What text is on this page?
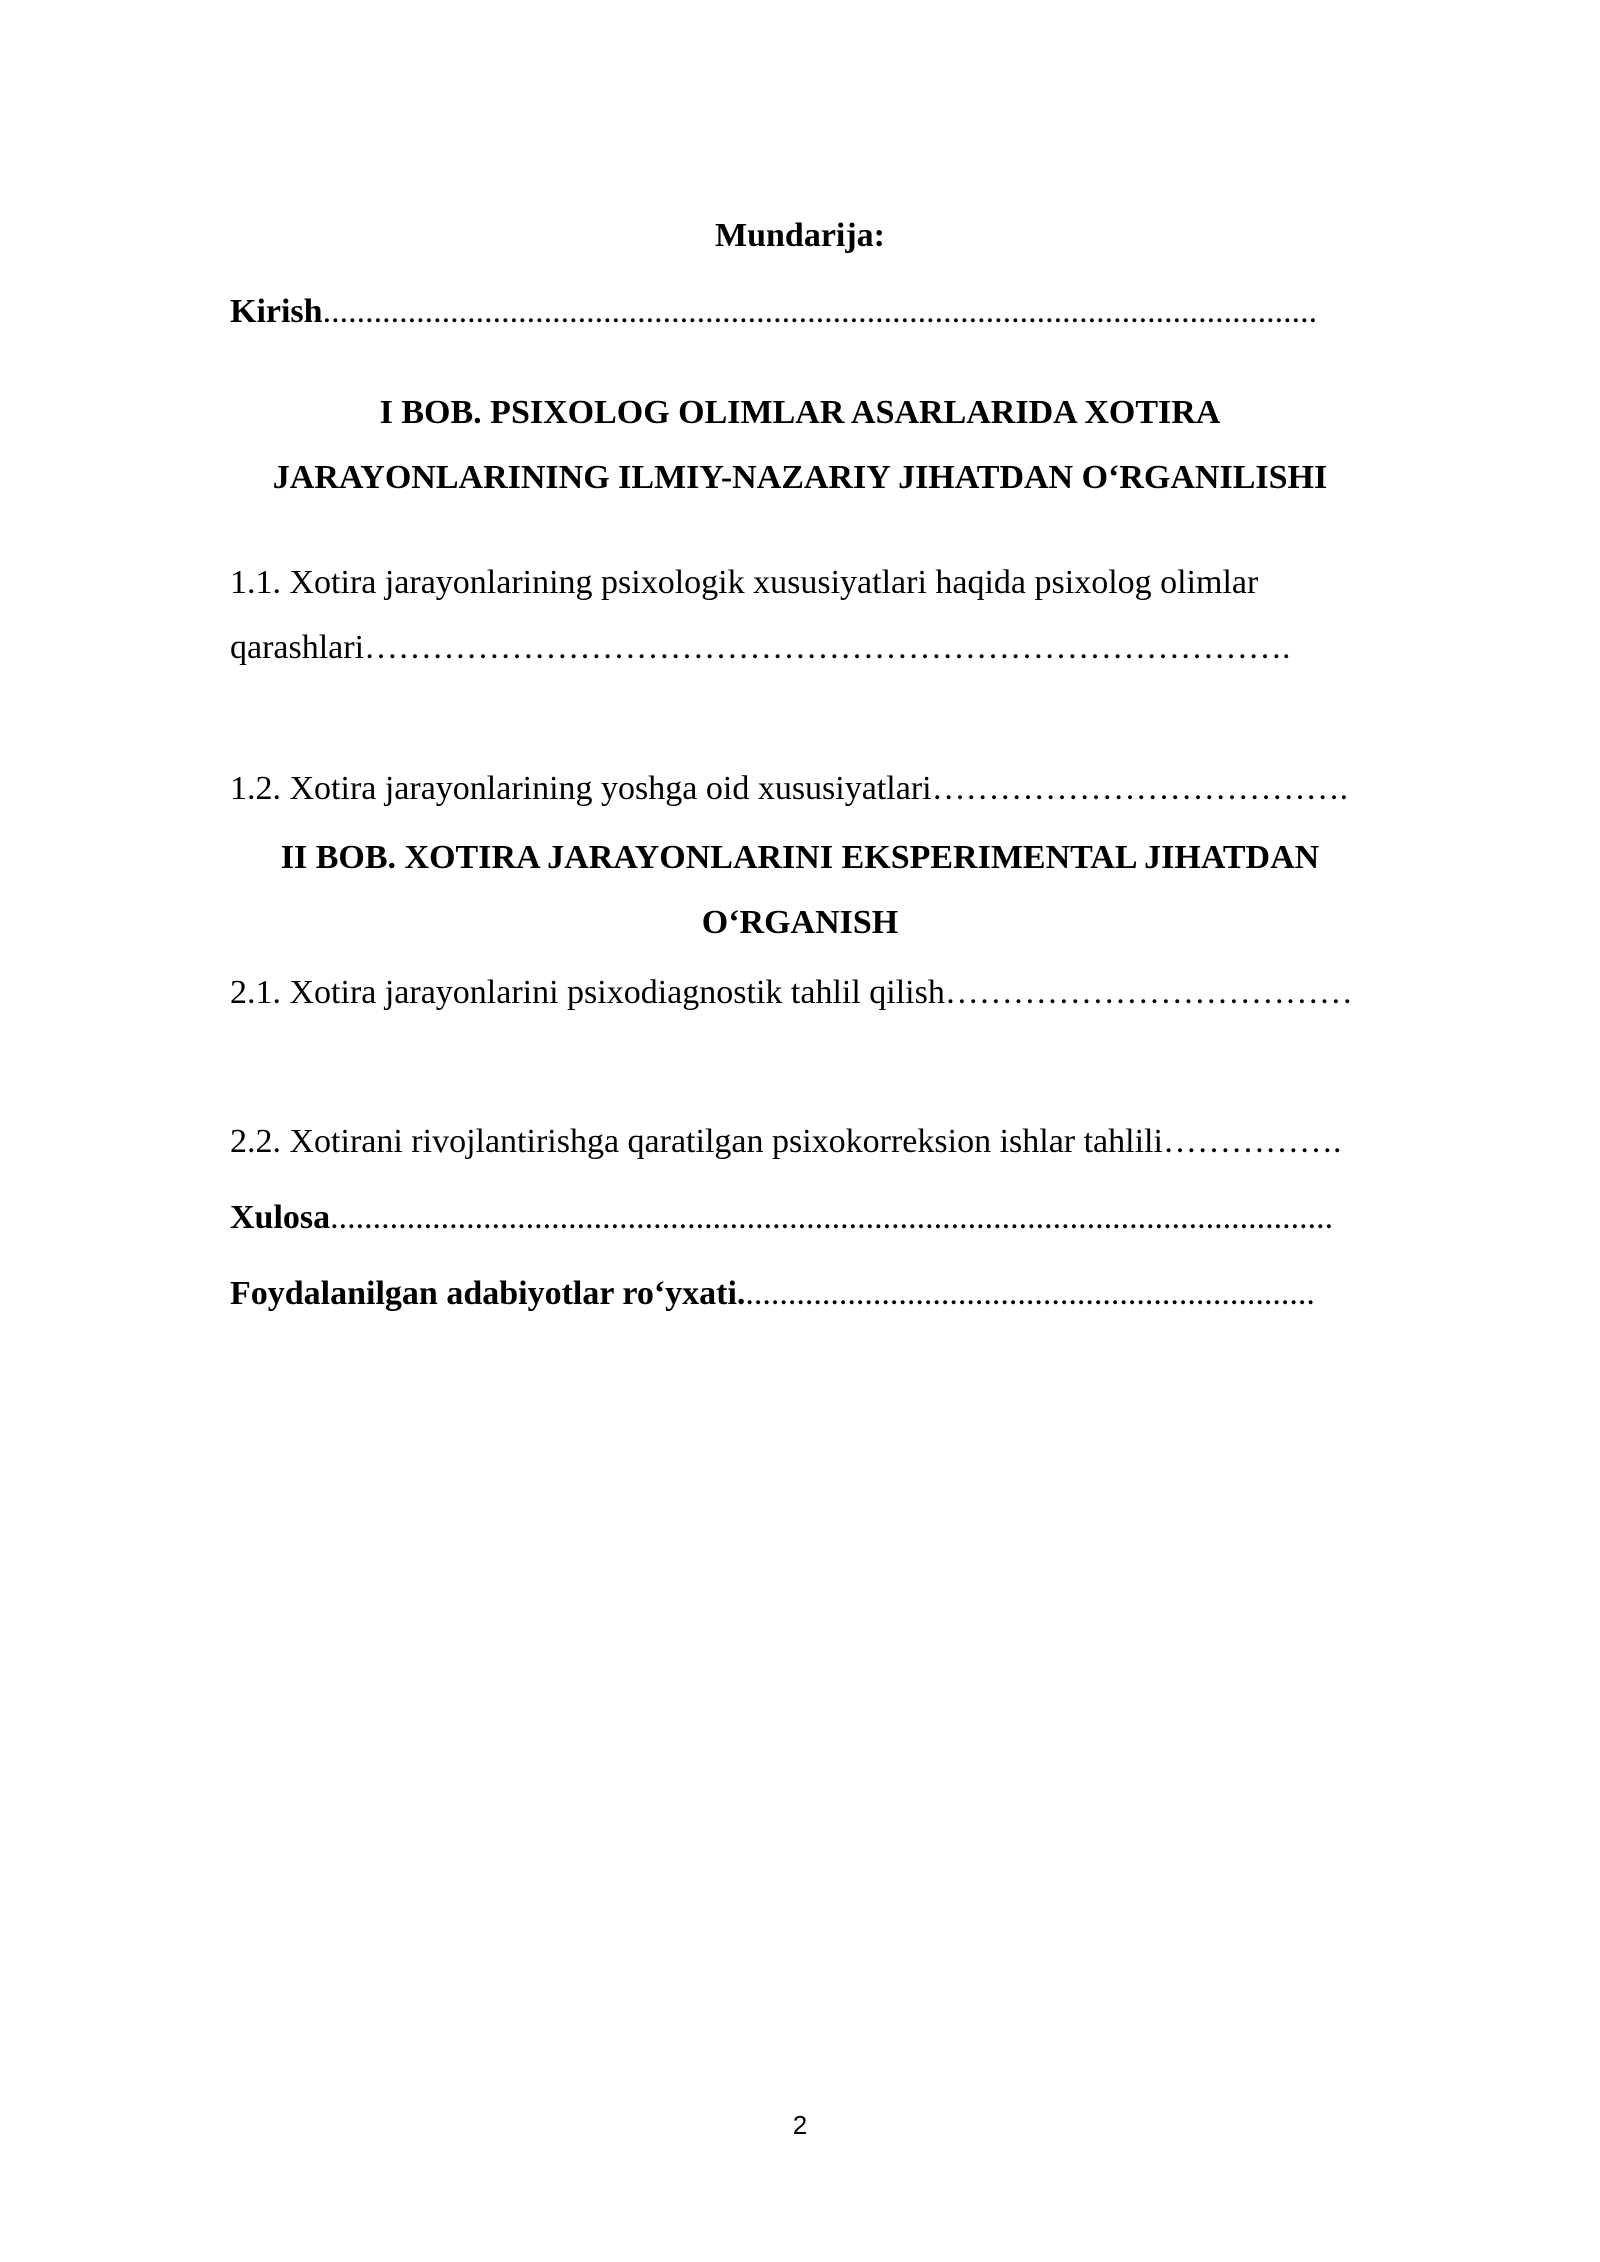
Mundarija:

Kirish.....................................................................................................................

I BOB. PSIXOLOG OLIMLAR ASARLARIDA XOTIRA

JARAYONLARINING ILMIY-NAZARIY JIHATDAN O‘RGANILISHI

1.1. Xotira jarayonlarining psixologik xususiyatlari haqida psixolog olimlar

qarashlari……………………………………………………………………….

1.2. Xotira jarayonlarining yoshga oid xususiyatlari……………………………….

II BOB. XOTIRA JARAYONLARINI EKSPERIMENTAL JIHATDAN

O‘RGANISH

2.1. Xotira jarayonlarini psixodiagnostik tahlil qilish………………………………

2.2. Xotirani rivojlantirishga qaratilgan psixokorreksion ishlar tahlili…………….

Xulosa......................................................................................................................

Foydalanilgan adabiyotlar ro‘yxati....................................................................

2
